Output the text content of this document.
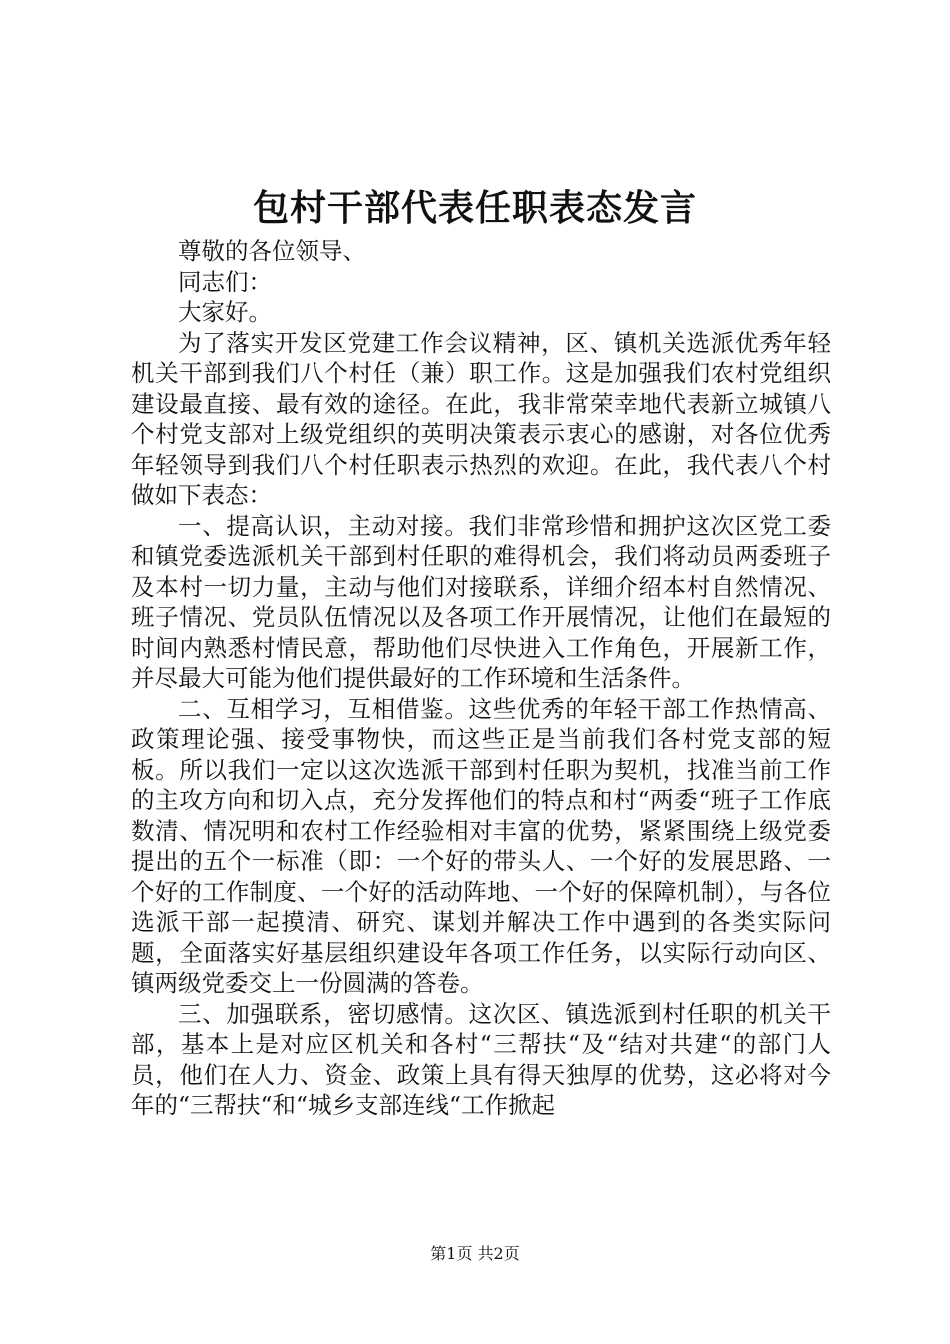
包村干部代表任职表态发言

尊敬的各位领导、

同志们：

大家好。

为了落实开发区党建工作会议精神，区、镇机关选派优秀年轻机关干部到我们八个村任（兼）职工作。这是加强我们农村党组织建设最直接、最有效的途径。在此，我非常荣幸地代表新立城镇八个村党支部对上级党组织的英明决策表示衷心的感谢，对各位优秀年轻领导到我们八个村任职表示热烈的欢迎。在此，我代表八个村做如下表态：

一、提高认识，主动对接。我们非常珍惜和拥护这次区党工委和镇党委选派机关干部到村任职的难得机会，我们将动员两委班子及本村一切力量，主动与他们对接联系，详细介绍本村自然情况、班子情况、党员队伍情况以及各项工作开展情况，让他们在最短的时间内熟悉村情民意，帮助他们尽快进入工作角色，开展新工作，并尽最大可能为他们提供最好的工作环境和生活条件。

二、互相学习，互相借鉴。这些优秀的年轻干部工作热情高、政策理论强、接受事物快，而这些正是当前我们各村党支部的短板。所以我们一定以这次选派干部到村任职为契机，找准当前工作的主攻方向和切入点，充分发挥他们的特点和村“两委“班子工作底数清、情况明和农村工作经验相对丰富的优势，紧紧围绕上级党委提出的五个一标准（即：一个好的带头人、一个好的发展思路、一个好的工作制度、一个好的活动阵地、一个好的保障机制），与各位选派干部一起摸清、研究、谋划并解决工作中遇到的各类实际问题，全面落实好基层组织建设年各项工作任务，以实际行动向区、镇两级党委交上一份圆满的答卷。

三、加强联系，密切感情。这次区、镇选派到村任职的机关干部，基本上是对应区机关和各村“三帮扶“及“结对共建“的部门人员，他们在人力、资金、政策上具有得天独厚的优势，这必将对今年的“三帮扶“和“城乡支部连线“工作掀起

第1页 共2页
